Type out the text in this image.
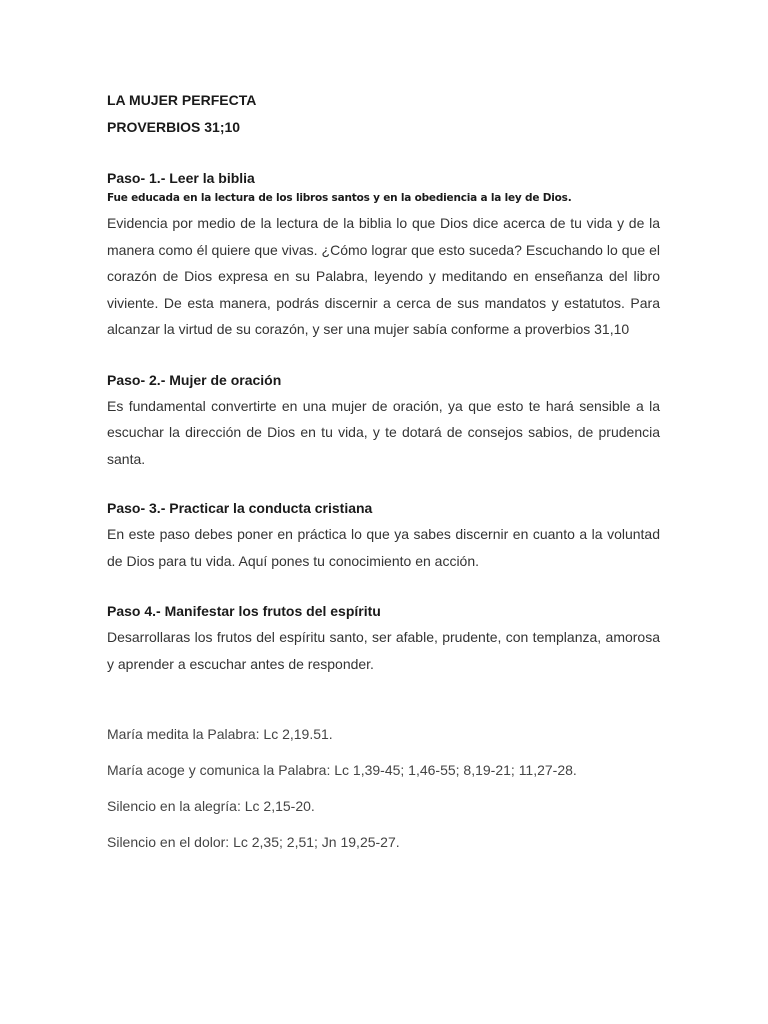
LA MUJER PERFECTA

PROVERBIOS 31;10

Paso- 1.- Leer la biblia

Fue educada en la lectura de los libros santos y en la obediencia a la ley de Dios.

Evidencia por medio de la lectura de la biblia lo que Dios dice acerca de tu vida y de la manera como él quiere que vivas. ¿Cómo lograr que esto suceda? Escuchando lo que el corazón de Dios expresa en su Palabra, leyendo y meditando en enseñanza del libro viviente. De esta manera, podrás discernir a cerca de sus mandatos y estatutos. Para alcanzar la virtud de su corazón, y ser una mujer sabía conforme a proverbios 31,10

Paso- 2.- Mujer de oración

Es fundamental convertirte en una mujer de oración, ya que esto te hará sensible a la escuchar la dirección de Dios en tu vida, y te dotará de consejos sabios, de prudencia santa.

Paso- 3.- Practicar la conducta cristiana

En este paso debes poner en práctica lo que ya sabes discernir en cuanto a la voluntad de Dios para tu vida. Aquí pones tu conocimiento en acción.

Paso 4.- Manifestar los frutos del espíritu

Desarrollaras los frutos del espíritu santo, ser afable, prudente, con templanza, amorosa y aprender a escuchar antes de responder.

María medita la Palabra: Lc 2,19.51.

María acoge y comunica la Palabra: Lc 1,39-45; 1,46-55; 8,19-21; 11,27-28.

Silencio en la alegría: Lc 2,15-20.

Silencio en el dolor: Lc 2,35; 2,51; Jn 19,25-27.
